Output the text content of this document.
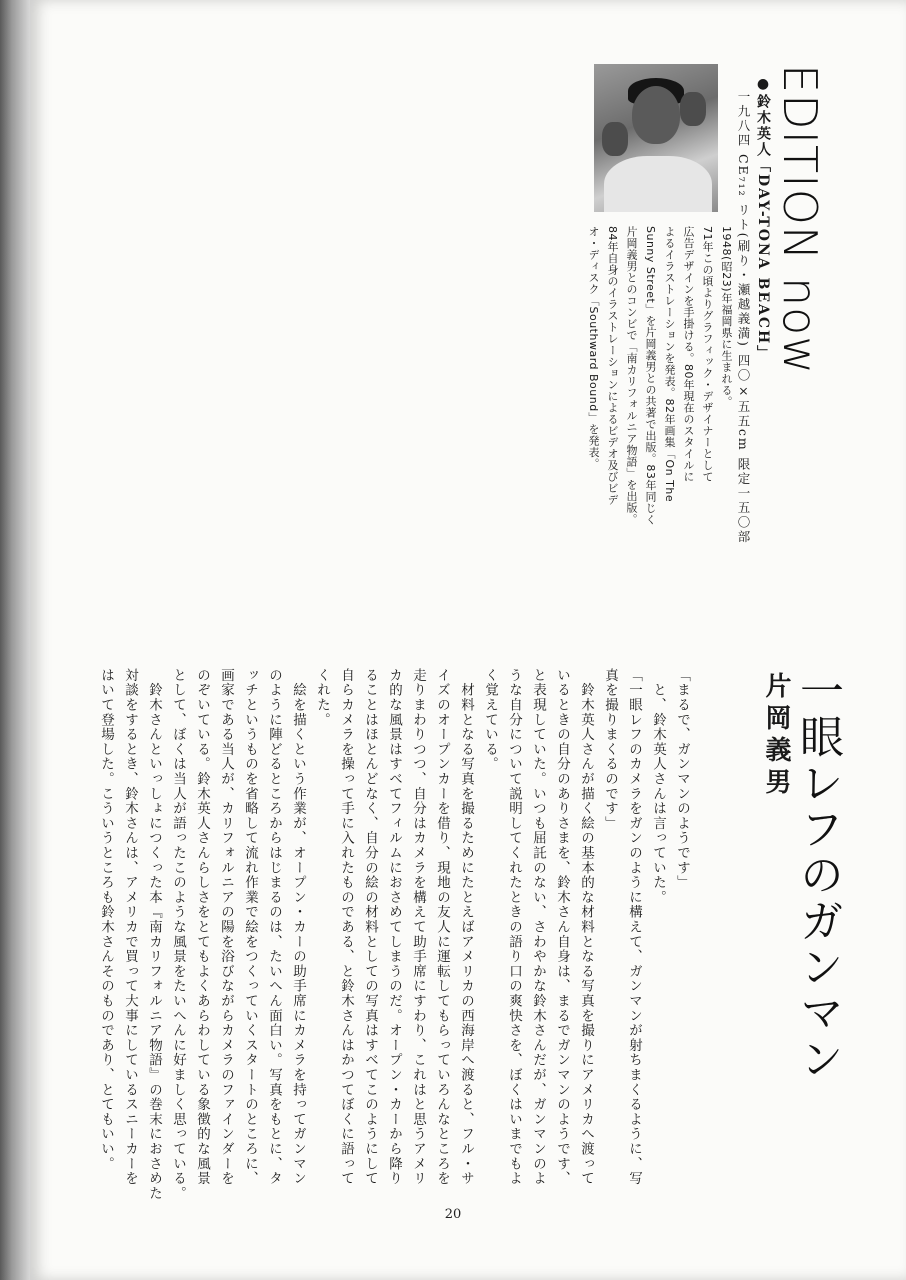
EDITION now
●鈴木英人「DAY-TONA BEACH」
一九八四 CE₇₁₂ リト(刷り・瀬越義満) 四〇×五五cm 限定一五〇部
1948(昭23)年福岡県に生まれる。
71年この頃よりグラフィック・デザイナーとして
広告デザインを手掛ける。80年現在のスタイルに
よるイラストレーションを発表。82年画集「On The
Sunny Street」を片岡義男との共著で出版。83年同じく
片岡義男とのコンビで「南カリフォルニア物語」を出版。
84年自身のイラストレーションによるビデオ及びビデ
オ・ディスク「Southward Bound」を発表。
一眼レフのガンマン
片岡義男
「まるで、ガンマンのようです」
　と、鈴木英人さんは言っていた。
「一眼レフのカメラをガンのように構えて、ガンマンが射ちまくるように、写
真を撮りまくるのです」
　鈴木英人さんが描く絵の基本的な材料となる写真を撮りにアメリカへ渡って
いるときの自分のありさまを、鈴木さん自身は、まるでガンマンのようです、
と表現していた。いつも屈託のない、さわやかな鈴木さんだが、ガンマンのよ
うな自分について説明してくれたときの語り口の爽快さを、ぼくはいまでもよ
く覚えている。
　材料となる写真を撮るためにたとえばアメリカの西海岸へ渡ると、フル・サ
イズのオープンカーを借り、現地の友人に運転してもらっていろんなところを
走りまわりつつ、自分はカメラを構えて助手席にすわり、これはと思うアメリ
カ的な風景はすべてフィルムにおさめてしまうのだ。オープン・カーから降り
ることはほとんどなく、自分の絵の材料としての写真はすべてこのようにして
自らカメラを操って手に入れたものである、と鈴木さんはかつてぼくに語って
くれた。
　絵を描くという作業が、オープン・カーの助手席にカメラを持ってガンマン
のように陣どるところからはじまるのは、たいへん面白い。写真をもとに、タ
ッチというものを省略して流れ作業で絵をつくっていくスタートのところに、
画家である当人が、カリフォルニアの陽を浴びながらカメラのファインダーを
のぞいている。鈴木英人さんらしさをとてもよくあらわしている象徴的な風景
として、ぼくは当人が語ったこのような風景をたいへんに好ましく思っている。
　鈴木さんといっしょにつくった本『南カリフォルニア物語』の巻末におさめた
対談をするとき、鈴木さんは、アメリカで買って大事にしているスニーカーを
はいて登場した。こういうところも鈴木さんそのものであり、とてもいい。
20
